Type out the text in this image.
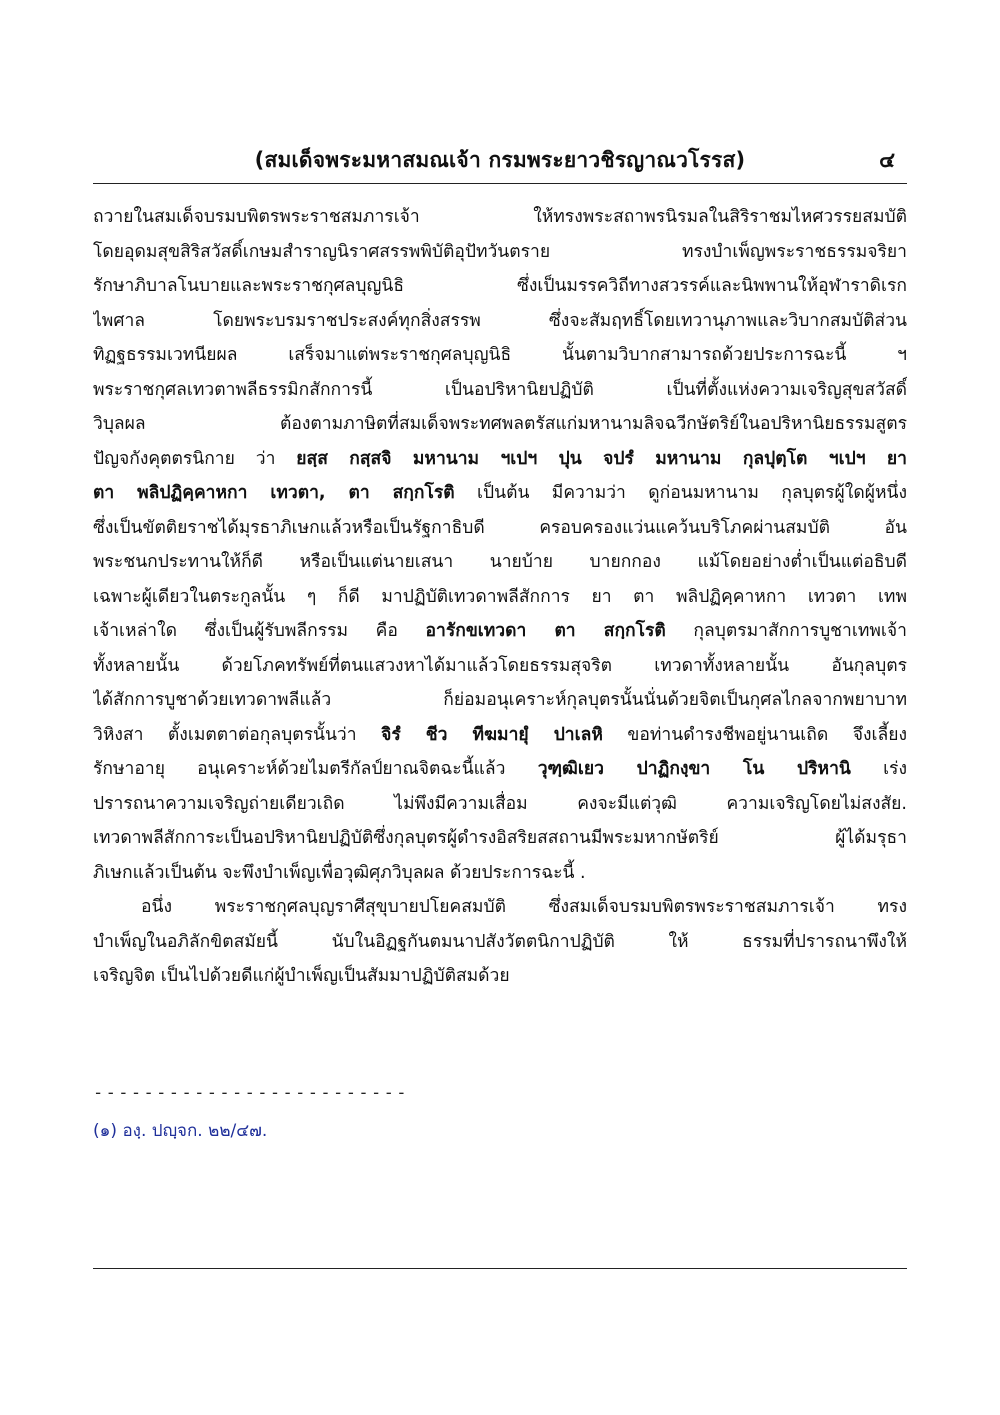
(สมเด็จพระมหาสมณเจ้า กรมพระยาวชิรญาณวโรรส)	๔
ถวายในสมเด็จบรมบพิตรพระราชสมภารเจ้า ให้ทรงพระสถาพรนิรมลในสิริราชมไหศวรรยสมบัติ
โดยอุดมสุขสิริสวัสดิ์เกษมสำราญนิราศสรรพพิบัติอุปัทวันตราย ทรงบำเพ็ญพระราชธรรมจริยา
รักษาภิบาลโนบายและพระราชกุศลบุญนิธิ ซึ่งเป็นมรรควิถีทางสวรรค์และนิพพานให้อุฬาราดิเรก
ไพศาล โดยพระบรมราชประสงค์ทุกสิ่งสรรพ ซึ่งจะสัมฤทธิ์โดยเทวานุภาพและวิบากสมบัติส่วน
ทิฏฐธรรมเวทนียผล เสร็จมาแต่พระราชกุศลบุญนิธิ นั้นตามวิบากสามารถด้วยประการฉะนี้ ฯ
พระราชกุศลเทวตาพลีธรรมิกสักการนี้ เป็นอปริหานิยปฏิบัติ เป็นที่ตั้งแห่งความเจริญสุขสวัสดิ์
วิบุลผล ต้องตามภาษิตที่สมเด็จพระทศพลตรัสแก่มหานามลิจฉวีกษัตริย์ในอปริหานิยธรรมสูตร
ปัญจกังคุตตรนิกาย ว่า ยสฺส กสฺสจิ มหานาม ฯเปฯ ปุน จปรํ มหานาม กุลปุตฺโต ฯเปฯ ยา
ตา พลิปฏิคฺคาหกา เทวตา, ตา สกฺกโรติ เป็นต้น มีความว่า ดูก่อนมหานาม กุลบุตรผู้ใดผู้หนึ่ง
ซึ่งเป็นขัตติยราชได้มุรธาภิเษกแล้วหรือเป็นรัฐกาธิบดี ครอบครองแว่นแคว้นบริโภคผ่านสมบัติ อัน
พระชนกประทานให้ก็ดี หรือเป็นแต่นายเสนา นายบ้าย บายกกอง แม้โดยอย่างต่ำเป็นแต่อธิบดี
เฉพาะผู้เดียวในตระกูลนั้น ๆ ก็ดี มาปฏิบัติเทวดาพลีสักการ ยา ตา พลิปฏิคฺคาหกา เทวตา เทพ
เจ้าเหล่าใด ซึ่งเป็นผู้รับพลีกรรม คือ อารักขเทวดา ตา สกฺกโรติ กุลบุตรมาสักการบูชาเทพเจ้า
ทั้งหลายนั้น ด้วยโภคทรัพย์ที่ตนแสวงหาได้มาแล้วโดยธรรมสุจริต เทวดาทั้งหลายนั้น อันกุลบุตร
ได้สักการบูชาด้วยเทวดาพลีแล้ว ก็ย่อมอนุเคราะห์กุลบุตรนั้นนั่นด้วยจิตเป็นกุศลไกลจากพยาบาท
วิหิงสา ตั้งเมตตาต่อกุลบุตรนั้นว่า จิรํ ชีว ทีฆมายุํ ปาเลหิ ขอท่านดำรงชีพอยู่นานเถิด จึงเลี้ยง
รักษาอายุ อนุเคราะห์ด้วยไมตรีกัลป์ยาณจิตฉะนี้แล้ว วุฑฺฒิเยว ปาฏิกงฺขา โน ปริหานิ เร่ง
ปรารถนาความเจริญถ่ายเดียวเถิด ไม่พึงมีความเสื่อม คงจะมีแต่วุฒิ ความเจริญโดยไม่สงสัย.
เทวดาพลีสักการะเป็นอปริหานิยปฏิบัติซึ่งกุลบุตรผู้ดำรงอิสริยสสถานมีพระมหากษัตริย์ ผู้ได้มรุธา
ภิเษกแล้วเป็นต้น จะพึงบำเพ็ญเพื่อวุฒิศุภวิบุลผล ด้วยประการฉะนี้ .
อนึ่ง พระราชกุศลบุญราศีสุขุบายปโยคสมบัติ ซึ่งสมเด็จบรมบพิตรพระราชสมภารเจ้า ทรง
บำเพ็ญในอภิลักขิตสมัยนี้ นับในอิฏฐกันตมนาปสังวัตตนิกาปฏิบัติ ให้ ธรรมที่ปรารถนาพึงให้
เจริญจิต เป็นไปด้วยดีแก่ผู้บำเพ็ญเป็นสัมมาปฏิบัติสมด้วย
-------------------------
(๑) องฺ. ปญฺจก. ๒๒/๔๗.
